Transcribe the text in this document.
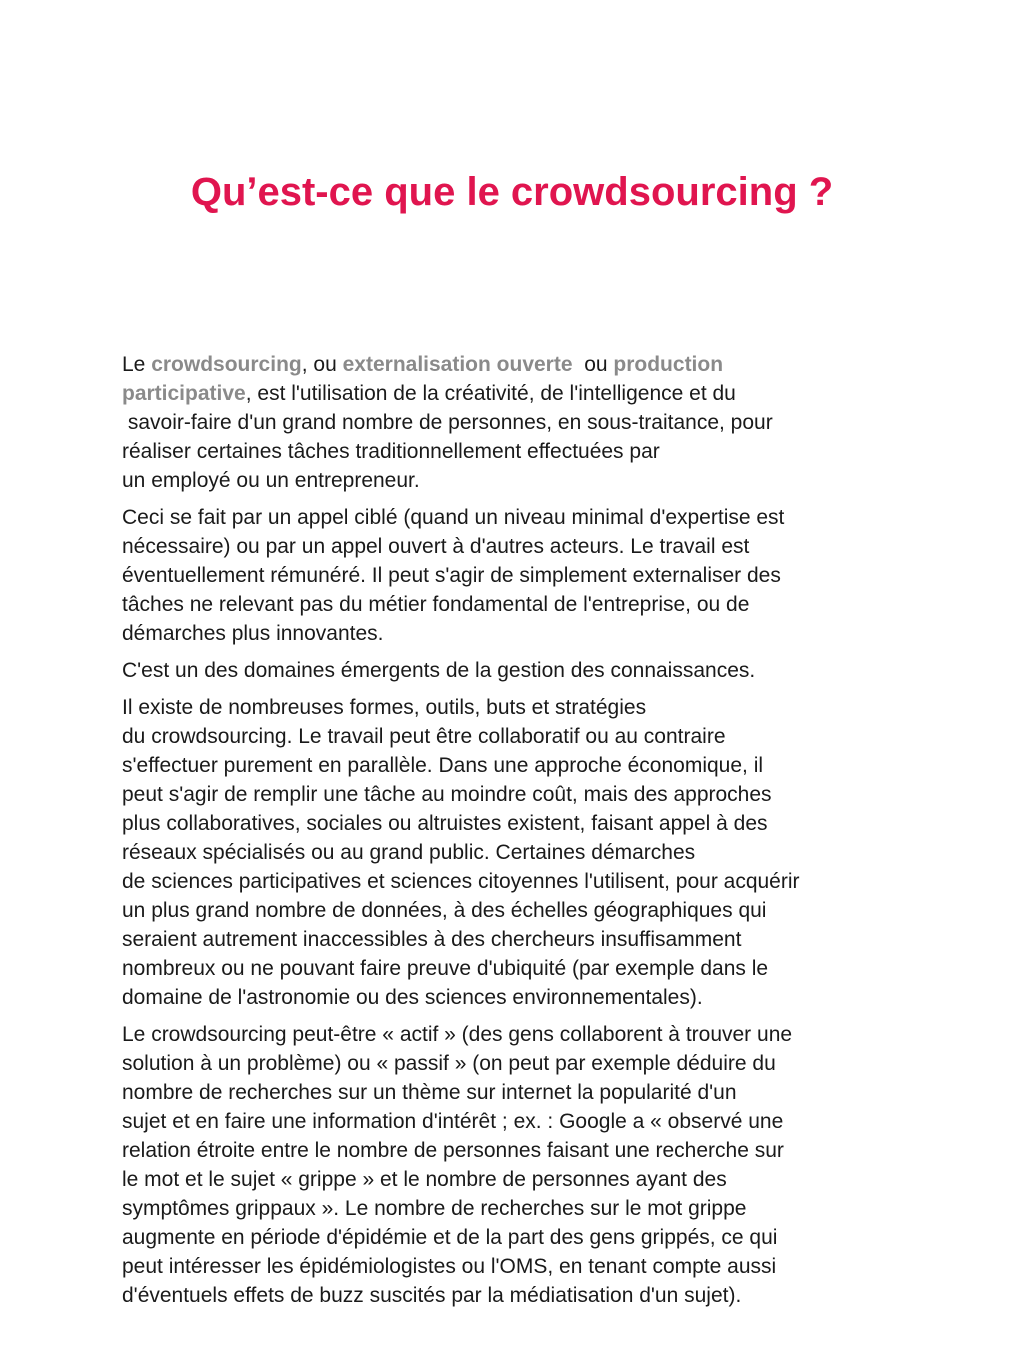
Qu’est-ce que le crowdsourcing ?

Le crowdsourcing, ou externalisation ouverte  ou production
participative, est l'utilisation de la créativité, de l'intelligence et du
savoir-faire d'un grand nombre de personnes, en sous-traitance, pour
réaliser certaines tâches traditionnellement effectuées par
un employé ou un entrepreneur.

Ceci se fait par un appel ciblé (quand un niveau minimal d'expertise est
nécessaire) ou par un appel ouvert à d'autres acteurs. Le travail est
éventuellement rémunéré. Il peut s'agir de simplement externaliser des
tâches ne relevant pas du métier fondamental de l'entreprise, ou de
démarches plus innovantes.

C'est un des domaines émergents de la gestion des connaissances.

Il existe de nombreuses formes, outils, buts et stratégies
du crowdsourcing. Le travail peut être collaboratif ou au contraire
s'effectuer purement en parallèle. Dans une approche économique, il
peut s'agir de remplir une tâche au moindre coût, mais des approches
plus collaboratives, sociales ou altruistes existent, faisant appel à des
réseaux spécialisés ou au grand public. Certaines démarches
de sciences participatives et sciences citoyennes l'utilisent, pour acquérir
un plus grand nombre de données, à des échelles géographiques qui
seraient autrement inaccessibles à des chercheurs insuffisamment
nombreux ou ne pouvant faire preuve d'ubiquité (par exemple dans le
domaine de l'astronomie ou des sciences environnementales).

Le crowdsourcing peut-être « actif » (des gens collaborent à trouver une
solution à un problème) ou « passif » (on peut par exemple déduire du
nombre de recherches sur un thème sur internet la popularité d'un
sujet et en faire une information d'intérêt ; ex. : Google a « observé une
relation étroite entre le nombre de personnes faisant une recherche sur
le mot et le sujet « grippe » et le nombre de personnes ayant des
symptômes grippaux ». Le nombre de recherches sur le mot grippe
augmente en période d'épidémie et de la part des gens grippés, ce qui
peut intéresser les épidémiologistes ou l'OMS, en tenant compte aussi
d'éventuels effets de buzz suscités par la médiatisation d'un sujet).
